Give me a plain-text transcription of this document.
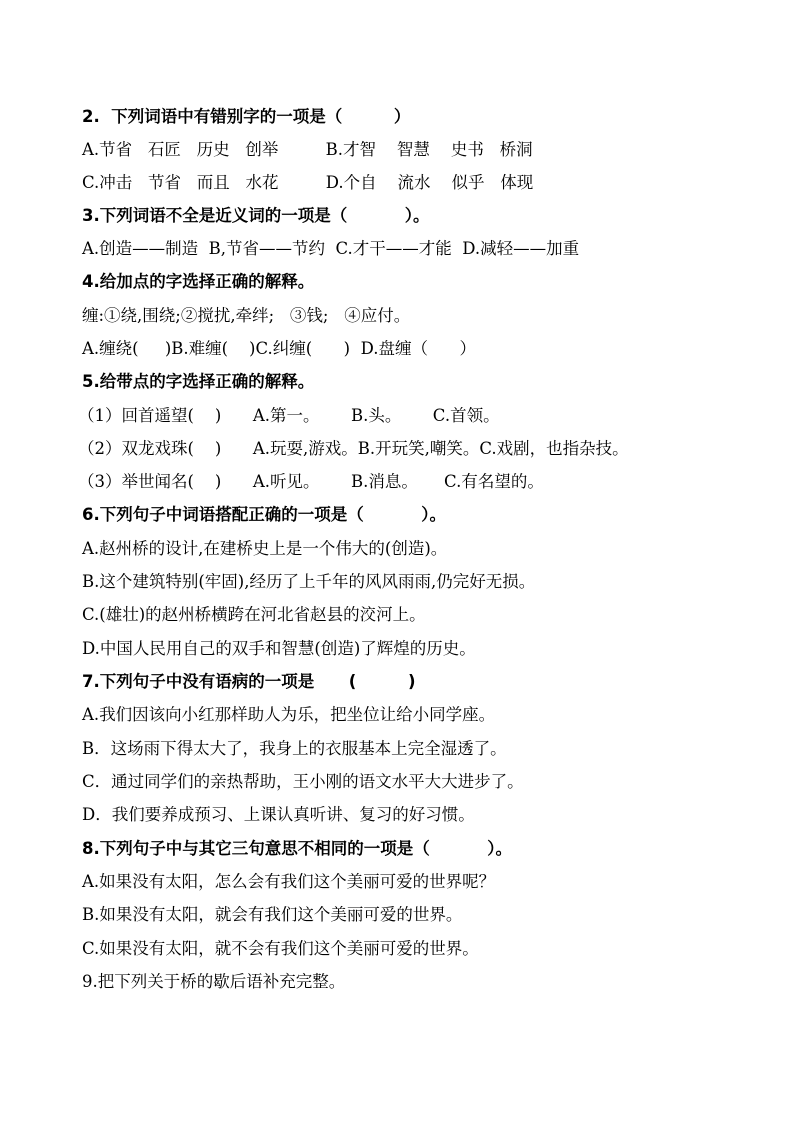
2.  下列词语中有错别字的一项是（         ）
A.节省   石匠   历史   创举         B.才智    智慧    史书   桥洞
C.冲击   节省   而且   水花         D.个自    流水    似乎   体现
3.下列词语不全是近义词的一项是（          ）。
A.创造——制造  B,节省——节约  C.才干——才能  D.减轻——加重
4.给加点的字选择正确的解释。
缠:①绕,围绕;②搅扰,牵绊;   ③钱;   ④应付。
A.缠绕(     )B.难缠(    )C.纠缠(      )  D.盘缠（      ）
5.给带点的字选择正确的解释。
（1）回首遥望(    )      A.第一。      B.头。      C.首领。
（2）双龙戏珠(    )      A.玩耍,游戏。B.开玩笑,嘲笑。C.戏剧，也指杂技。
（3）举世闻名(    )      A.听见。      B.消息。     C.有名望的。
6.下列句子中词语搭配正确的一项是（          ）。
A.赵州桥的设计,在建桥史上是一个伟大的(创造)。
B.这个建筑特别(牢固),经历了上千年的风风雨雨,仍完好无损。
C.(雄壮)的赵州桥横跨在河北省赵县的洨河上。
D.中国人民用自己的双手和智慧(创造)了辉煌的历史。
7.下列句子中没有语病的一项是      (         )
A.我们因该向小红那样助人为乐，把坐位让给小同学座。
B．这场雨下得太大了，我身上的衣服基本上完全湿透了。
C．通过同学们的亲热帮助，王小刚的语文水平大大进步了。
D．我们要养成预习、上课认真听讲、复习的好习惯。
8.下列句子中与其它三句意思不相同的一项是（          ）。
A.如果没有太阳，怎么会有我们这个美丽可爱的世界呢？
B.如果没有太阳，就会有我们这个美丽可爱的世界。
C.如果没有太阳，就不会有我们这个美丽可爱的世界。
9.把下列关于桥的歇后语补充完整。
